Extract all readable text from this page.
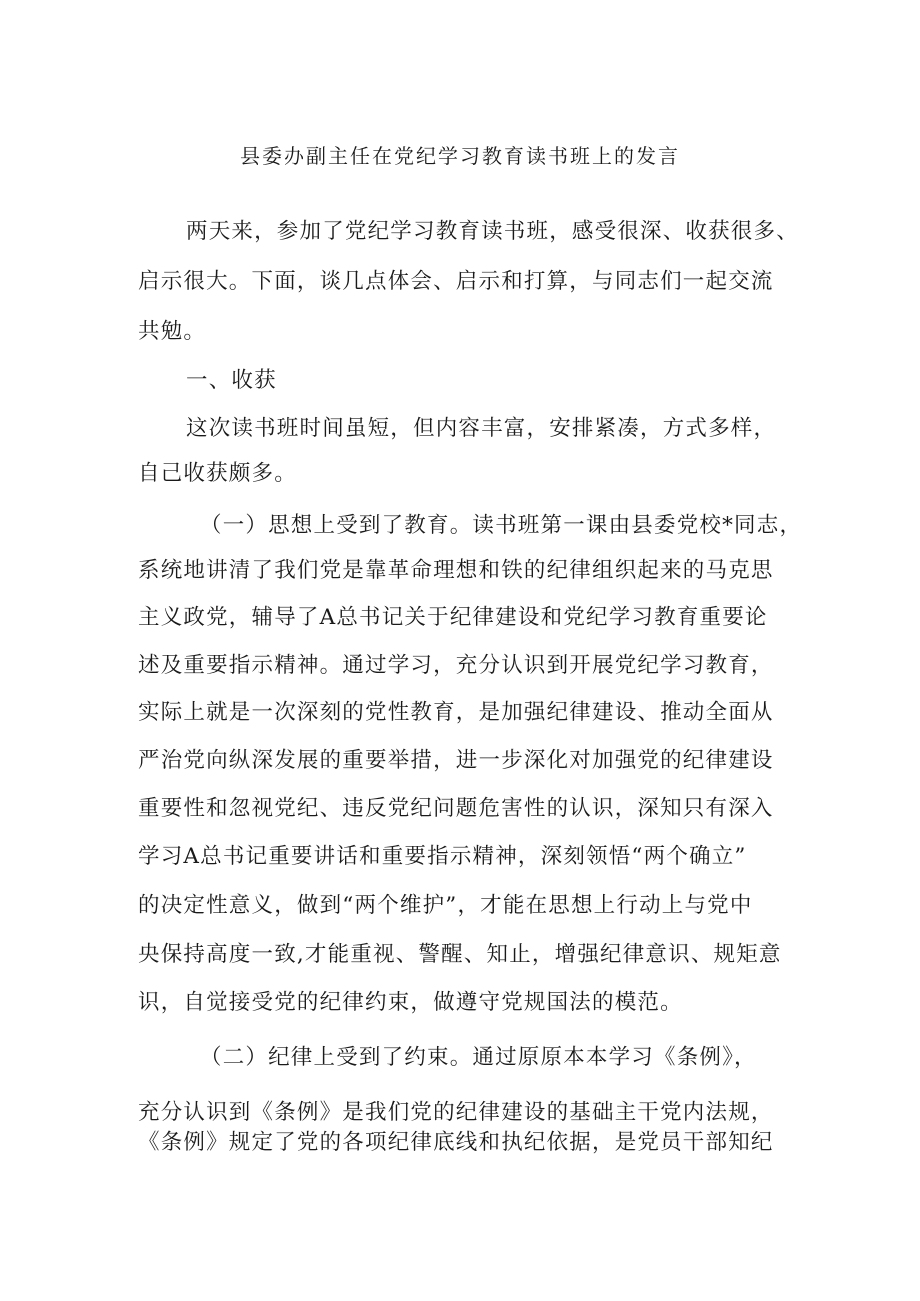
县委办副主任在党纪学习教育读书班上的发言
两天来，参加了党纪学习教育读书班，感受很深、收获很多、
启示很大。下面，谈几点体会、启示和打算，与同志们一起交流
共勉。
一、收获
这次读书班时间虽短，但内容丰富，安排紧凑，方式多样，
自己收获颇多。
（一）思想上受到了教育。读书班第一课由县委党校*同志，
系统地讲清了我们党是靠革命理想和铁的纪律组织起来的马克思
主义政党，辅导了A总书记关于纪律建设和党纪学习教育重要论
述及重要指示精神。通过学习，充分认识到开展党纪学习教育，
实际上就是一次深刻的党性教育，是加强纪律建设、推动全面从
严治党向纵深发展的重要举措，进一步深化对加强党的纪律建设
重要性和忽视党纪、违反党纪问题危害性的认识，深知只有深入
学习A总书记重要讲话和重要指示精神，深刻领悟“两个确立”
的决定性意义，做到“两个维护”，才能在思想上行动上与党中
央保持高度一致,才能重视、警醒、知止，增强纪律意识、规矩意
识，自觉接受党的纪律约束，做遵守党规国法的模范。
（二）纪律上受到了约束。通过原原本本学习《条例》，
充分认识到《条例》是我们党的纪律建设的基础主干党内法规，
《条例》规定了党的各项纪律底线和执纪依据，是党员干部知纪
